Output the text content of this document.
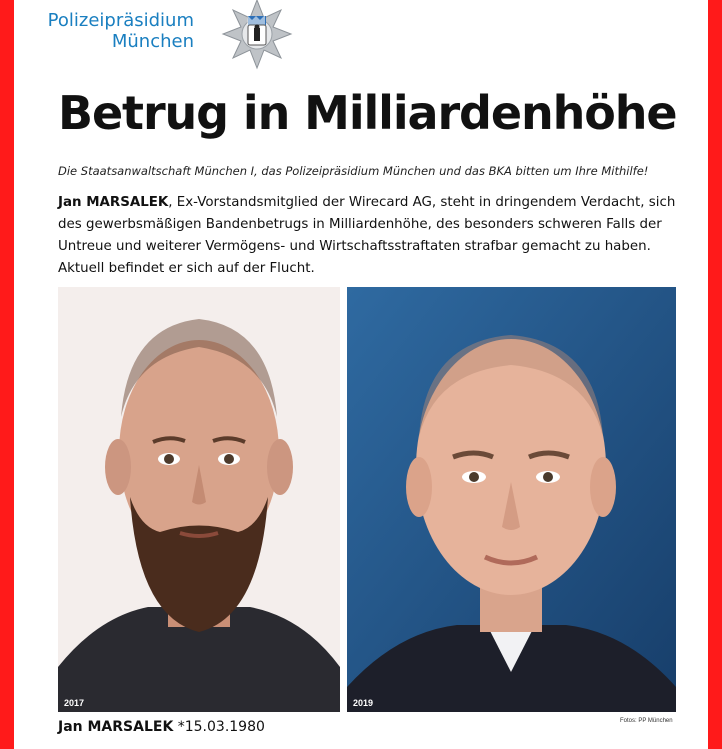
Polizeipräsidium
München
Betrug in Milliardenhöhe
Die Staatsanwaltschaft München I, das Polizeipräsidium München und das BKA bitten um Ihre Mithilfe!

Jan MARSALEK, Ex-Vorstandsmitglied der Wirecard AG, steht in dringendem Verdacht, sich des gewerbsmäßigen Bandenbetrugs in Milliardenhöhe, des besonders schweren Falls der Untreue und weiterer Vermögens- und Wirtschaftsstraftaten strafbar gemacht zu haben. Aktuell befindet er sich auf der Flucht.

2017	2019
Jan MARSALEK *15.03.1980	Fotos: PP München
